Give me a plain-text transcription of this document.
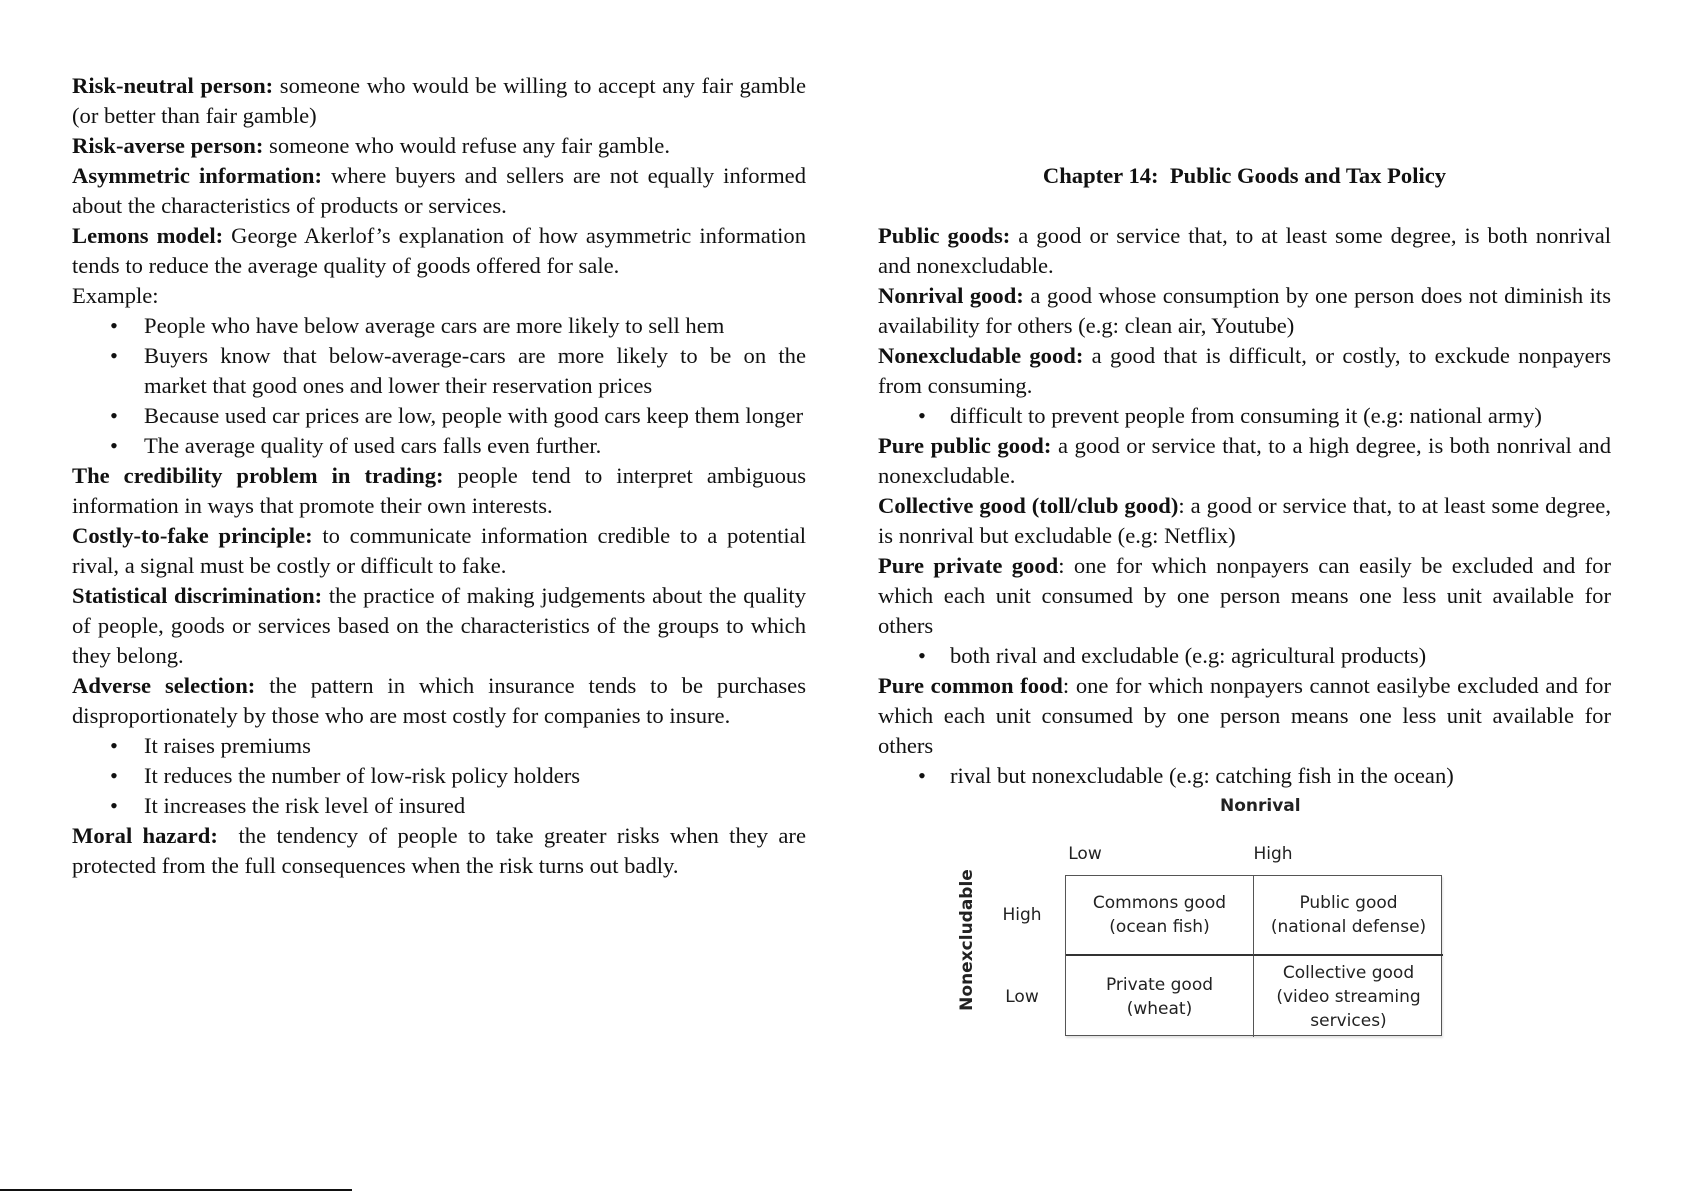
Risk-neutral person: someone who would be willing to accept any fair gamble (or better than fair gamble)

Risk-averse person: someone who would refuse any fair gamble.

Asymmetric information: where buyers and sellers are not equally informed about the characteristics of products or services.

Lemons model: George Akerlof’s explanation of how asymmetric information tends to reduce the average quality of goods offered for sale.

Example:

• People who have below average cars are more likely to sell hem
• Buyers know that below-average-cars are more likely to be on the market that good ones and lower their reservation prices
• Because used car prices are low, people with good cars keep them longer
• The average quality of used cars falls even further.

The credibility problem in trading: people tend to interpret ambiguous information in ways that promote their own interests.

Costly-to-fake principle: to communicate information credible to a potential rival, a signal must be costly or difficult to fake.

Statistical discrimination: the practice of making judgements about the quality of people, goods or services based on the characteristics of the groups to which they belong.

Adverse selection: the pattern in which insurance tends to be purchases disproportionately by those who are most costly for companies to insure.

• It raises premiums
• It reduces the number of low-risk policy holders
• It increases the risk level of insured

Moral hazard:  the tendency of people to take greater risks when they are protected from the full consequences when the risk turns out badly.

Chapter 14:  Public Goods and Tax Policy

Public goods: a good or service that, to at least some degree, is both nonrival and nonexcludable.

Nonrival good: a good whose consumption by one person does not diminish its availability for others (e.g: clean air, Youtube)

Nonexcludable good: a good that is difficult, or costly, to exckude nonpayers from consuming.

• difficult to prevent people from consuming it (e.g: national army)

Pure public good: a good or service that, to a high degree, is both nonrival and nonexcludable.

Collective good (toll/club good): a good or service that, to at least some degree, is nonrival but excludable (e.g: Netflix)

Pure private good: one for which nonpayers can easily be excluded and for which each unit consumed by one person means one less unit available for others

• both rival and excludable (e.g: agricultural products)

Pure common food: one for which nonpayers cannot easilybe excluded and for which each unit consumed by one person means one less unit available for others

• rival but nonexcludable (e.g: catching fish in the ocean)
Nonrival
Low	High
Nonexcludable	High
Low
Commons good
(ocean fish)
Public good
(national defense)
Private good
(wheat)
Collective good
(video streaming
services)
